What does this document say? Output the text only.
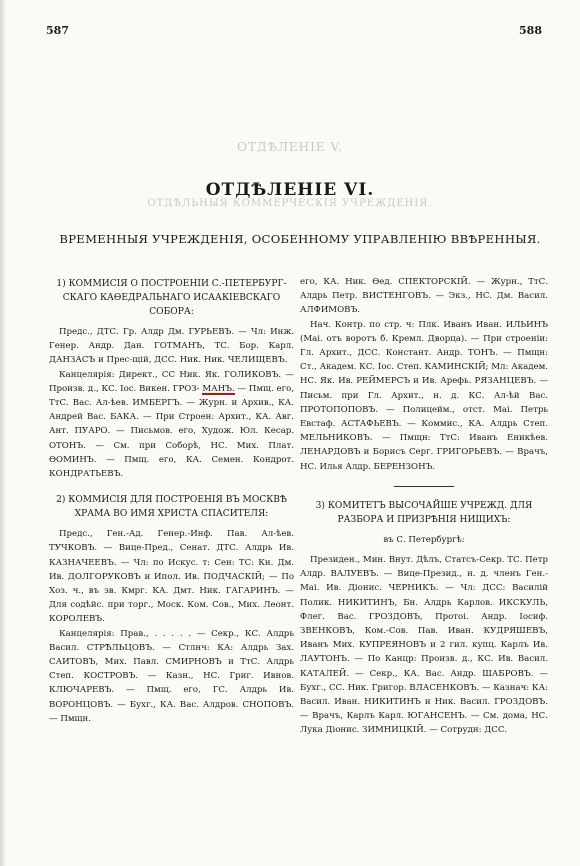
587	588
ОТДѢЛЕНІЕ V.
ОТДѢЛЬНЫЯ КОММЕРЧЕСКІЯ УЧРЕЖДЕНІЯ.
ОТДѢЛЕНІЕ VI.
ВРЕМЕННЫЯ УЧРЕЖДЕНІЯ, ОСОБЕННОМУ УПРАВЛЕНІЮ ВВѢРЕННЫЯ.
1) КОММИСІЯ О ПОСТРОЕНІИ С.-ПЕТЕРБУРГСКАГО КАѲЕДРАЛЬНАГО ИСААКІЕВСКАГО СОБОРА:
Предс., ДТС. Гр. Алдр Дм. ГУРЬЕВЪ. — Чл: Инж. Генер. Андр. Дан. ГОТМАНЪ, ТС. Бор. Карл. ДАНЗАСЪ и Прес-щій, ДСС. Ник. Ник. ЧЕЛИЩЕВЪ.
Канцелярія: Директ., СС Ник. Як. ГОЛИКОВЪ. — Произв. д., КС. Іос. Викен. ГРОЗ- МАНЪ.
— Пмщ. его, ТтС. Вас. Ал-ѣев. ИМБЕРГЪ. — Журн. и Архив., КА. Андрей Вас. БАКА. — При Строен: Архит., КА. Авг. Ант. ПУАРО. — Письмов. его, Худож. Юл. Кесар. ОТОНЪ. — См. при Соборѣ, НС. Мих. Плат. ѲОМИНЪ. — Пмщ. его, КА. Семен. Кондрот. КОНДРАТЬЕВЪ.
2) КОММИСІЯ ДЛЯ ПОСТРОЕНІЯ ВЪ МОСКВѢ ХРАМА ВО ИМЯ ХРИСТА СПАСИТЕЛЯ:
Предс., Ген.-Ад. Генер.-Инф. Пав. Ал-ѣев. ТУЧКОВЪ. — Вице-Пред., Сенат. ДТС. Алдрь Ив. КАЗНАЧЕЕВЪ. — Чл: по Искус. т: Сен: ТС: Кн. Дм. Ив. ДОЛГОРУКОВЪ и Ипол. Ив. ПОДЧАСКІЙ; — По Хоз. ч., въ зв. Кмрг. КА. Дмт. Ник. ГАГАРИНЪ. — Для содѣйс. при торг., Моск. Ком. Сов., Мих. Леонт. КОРОЛЕВЪ.
Канцелярія: Прав., . . . . . — Секр., КС. Алдрь Васил. СТРѢЛЬЦОВЪ. — Стлнч: КА: Алдрь Зах. САИТОВЪ, Мих. Павл. СМИРНОВЪ и ТтС. Алдрь Степ. КОСТРОВЪ. — Казн., НС. Григ. Ивнов. КЛЮЧАРЕВЪ. — Пмщ. его, ГС. Алдрь Ив. ВОРОНЦОВЪ. — Бухг., КА. Вас. Алдров. СНОПОВЪ. — Пмщн.
его, КА. Ник. Ѳед. СПЕКТОРСКІЙ. — Журн., ТтС. Алдрь Петр. ВИСТЕНГОВЪ. — Экз., НС. Дм. Васил. АЛФИМОВЪ.
Нач. Контр. по стр. ч: Плк. Иванъ Иван. ИЛЬИНЪ (Маі. отъ воротъ б. Кремл. Дворца). — При строеніи: Гл. Архит., ДСС. Констант. Андр. ТОНЪ. — Пмщн: Ст., Академ. КС. Іос. Степ. КАМИНСКІЙ; Мл: Академ. НС. Як. Ив. РЕЙМЕРСЪ и Ив. Арефь. РЯЗАНЦЕВЪ. — Письм. при Гл. Архит., н. д. КС. Ал-ѣй Вас. ПРОТОПОПОВЪ. — Полицейм., отст. Маі. Петрь Евстаф. АСТАФЬЕВЪ. — Коммис., КА. Алдрь Степ. МЕЛЬНИКОВЪ. — Пмщн: ТтС: Иванъ Еникѣев. ЛЕНАРДОВЪ и Борисъ Серг. ГРИГОРЬЕВЪ. — Врачъ, НС. Илья Алдр. БЕРЕНЗОНЪ.
3) КОМИТЕТЪ ВЫСОЧАЙШЕ УЧРЕЖД. ДЛЯ РАЗБОРА И ПРИЗРѢНІЯ НИЩИХЪ:
въ С. Петербургѣ:
Президен., Мин. Внут. Дѣлъ, Статсъ-Секр. ТС. Петр Алдр. ВАЛУЕВЪ. — Вице-Презид., н. д. членъ Ген.-Маі. Ив. Діонис. ЧЕРНИКЪ. — Чл: ДСС: Василій Полик. НИКИТИНЪ, Бн. Алдрь Карлов. ИКСКУЛЬ, Флег. Вас. ГРОЗДОВЪ, Протоі. Андр. Іосиф. ЗВЕНКОВЪ, Ком.-Сов. Пав. Иван. КУДРЯШЕВЪ, Иванъ Мих. КУПРЕЯНОВЪ и 2 гил. купц. Карлъ Ив. ЛАУТОНЪ. — По Канцр: Произв. д., КС. Ив. Васил. КАТАЛЕЙ. — Секр., КА. Вас. Андр. ШАБРОВЪ. — Бухг., СС. Ник. Григор. ВЛАСЕНКОВЪ. — Казнач: КА: Васил. Иван. НИКИТИНЪ и Ник. Васил. ГРОЗДОВЪ. — Врачъ, Карлъ Карл. ЮГАНСЕНЪ. — См. дома, НС. Лука Діонис. ЗИМНИЦКІЙ. — Сотрудн: ДСС.
